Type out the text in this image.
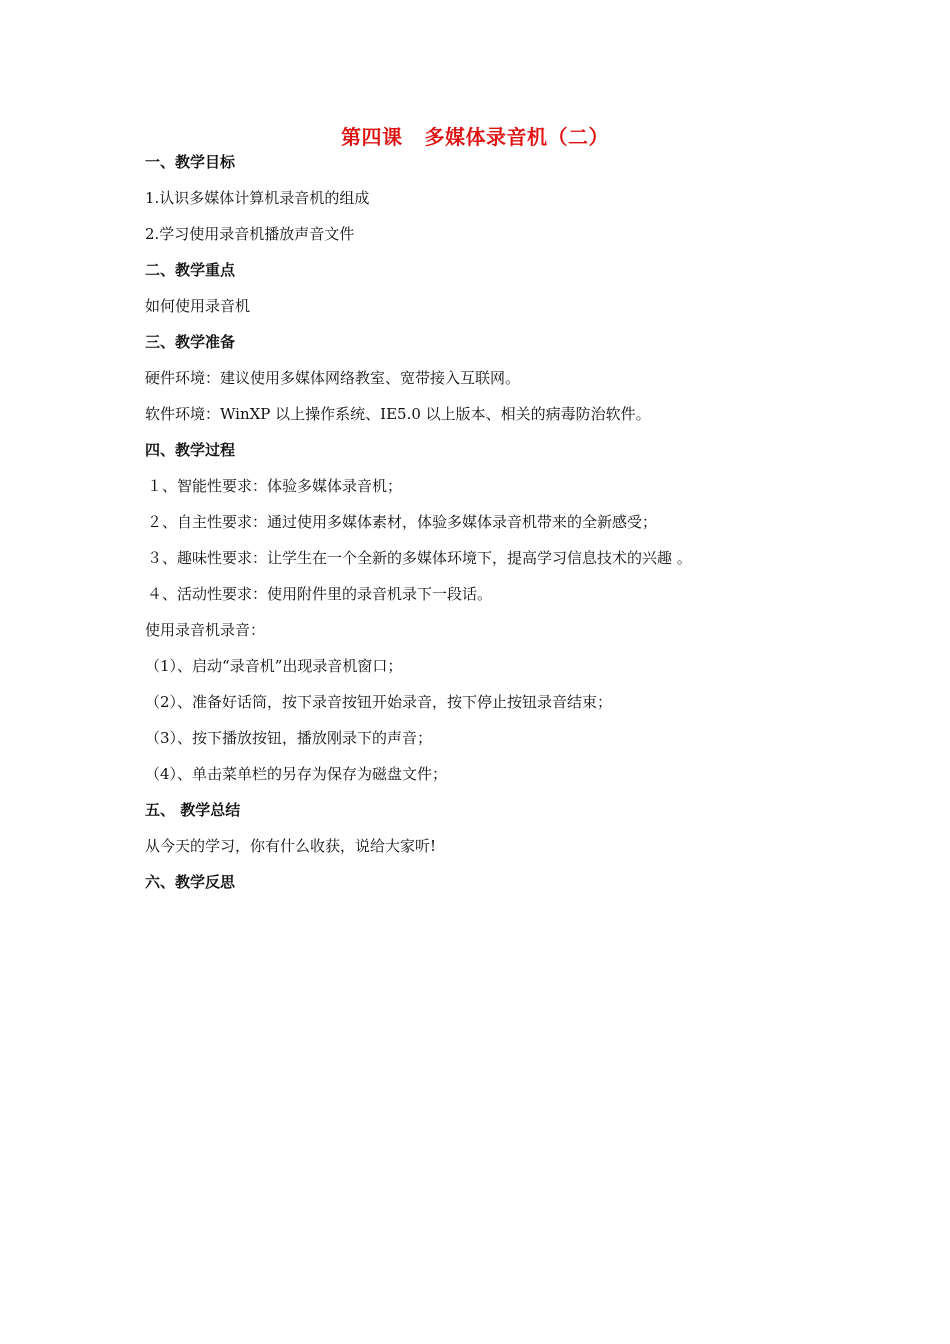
第四课 多媒体录音机（二）
一、教学目标
1.认识多媒体计算机录音机的组成
2.学习使用录音机播放声音文件
二、教学重点
如何使用录音机
三、教学准备
硬件环境：建议使用多媒体网络教室、宽带接入互联网。
软件环境：WinXP 以上操作系统、IE5.0 以上版本、相关的病毒防治软件。
四、教学过程
１、智能性要求：体验多媒体录音机；
２、自主性要求：通过使用多媒体素材，体验多媒体录音机带来的全新感受；
３、趣味性要求：让学生在一个全新的多媒体环境下，提高学习信息技术的兴趣 。
４、活动性要求：使用附件里的录音机录下一段话。
使用录音机录音：
（1）、启动“录音机”出现录音机窗口；
（2）、准备好话筒，按下录音按钮开始录音，按下停止按钮录音结束；
（3）、按下播放按钮，播放刚录下的声音；
（4）、单击菜单栏的另存为保存为磁盘文件；
五、 教学总结
从今天的学习，你有什么收获，说给大家听!
六、教学反思
